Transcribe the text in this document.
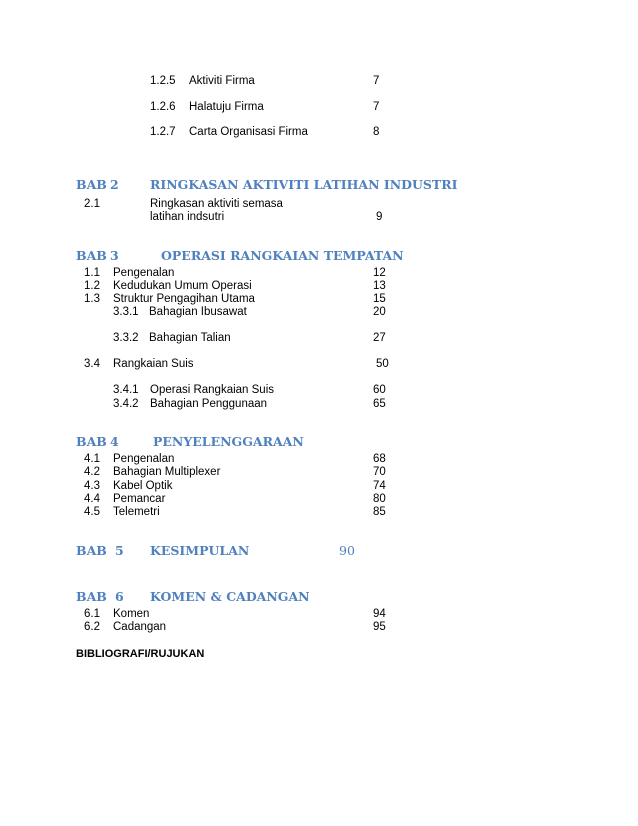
1.2.5 Aktiviti Firma	7
1.2.6 Halatuju Firma	7
1.2.7 Carta Organisasi Firma	8
BAB 2	RINGKASAN AKTIVITI LATIHAN INDUSTRI
2.1	Ringkasan aktiviti semasa
latihan indsutri	9
BAB 3	OPERASI RANGKAIAN TEMPATAN
1.1 Pengenalan	12
1.2 Kedudukan Umum Operasi	13
1.3 Struktur Pengagihan Utama	15
3.3.1 Bahagian Ibusawat	20
3.3.2 Bahagian Talian	27
3.4 Rangkaian Suis	50
3.4.1 Operasi Rangkaian Suis	60
3.4.2 Bahagian Penggunaan	65
BAB 4	PENYELENGGARAAN
4.1 Pengenalan	68
4.2 Bahagian Multiplexer	70
4.3 Kabel Optik	74
4.4 Pemancar	80
4.5 Telemetri	85
BAB 5 KESIMPULAN	90
BAB 6 KOMEN & CADANGAN
6.1 Komen	94
6.2 Cadangan	95
BIBLIOGRAFI/RUJUKAN
